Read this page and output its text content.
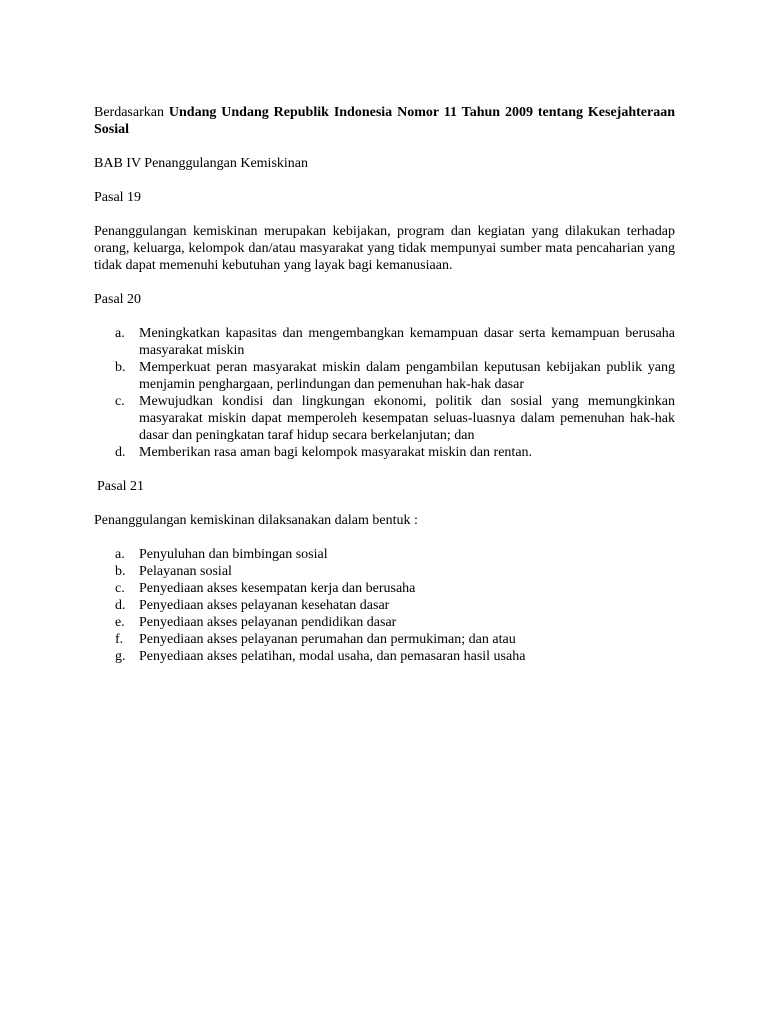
Berdasarkan Undang Undang Republik Indonesia Nomor 11 Tahun 2009 tentang Kesejahteraan Sosial

BAB IV Penanggulangan Kemiskinan

Pasal 19

Penanggulangan kemiskinan merupakan kebijakan, program dan kegiatan yang dilakukan terhadap orang, keluarga, kelompok dan/atau masyarakat yang tidak mempunyai sumber mata pencaharian yang tidak dapat memenuhi kebutuhan yang layak bagi kemanusiaan.

Pasal 20

a. Meningkatkan kapasitas dan mengembangkan kemampuan dasar serta kemampuan berusaha masyarakat miskin
b. Memperkuat peran masyarakat miskin dalam pengambilan keputusan kebijakan publik yang menjamin penghargaan, perlindungan dan pemenuhan hak-hak dasar
c. Mewujudkan kondisi dan lingkungan ekonomi, politik dan sosial yang memungkinkan masyarakat miskin dapat memperoleh kesempatan seluas-luasnya dalam pemenuhan hak-hak dasar dan peningkatan taraf hidup secara berkelanjutan; dan
d. Memberikan rasa aman bagi kelompok masyarakat miskin dan rentan.

Pasal 21

Penanggulangan kemiskinan dilaksanakan dalam bentuk :

a. Penyuluhan dan bimbingan sosial
b. Pelayanan sosial
c. Penyediaan akses kesempatan kerja dan berusaha
d. Penyediaan akses pelayanan kesehatan dasar
e. Penyediaan akses pelayanan pendidikan dasar
f. Penyediaan akses pelayanan perumahan dan permukiman; dan atau
g. Penyediaan akses pelatihan, modal usaha, dan pemasaran hasil usaha
